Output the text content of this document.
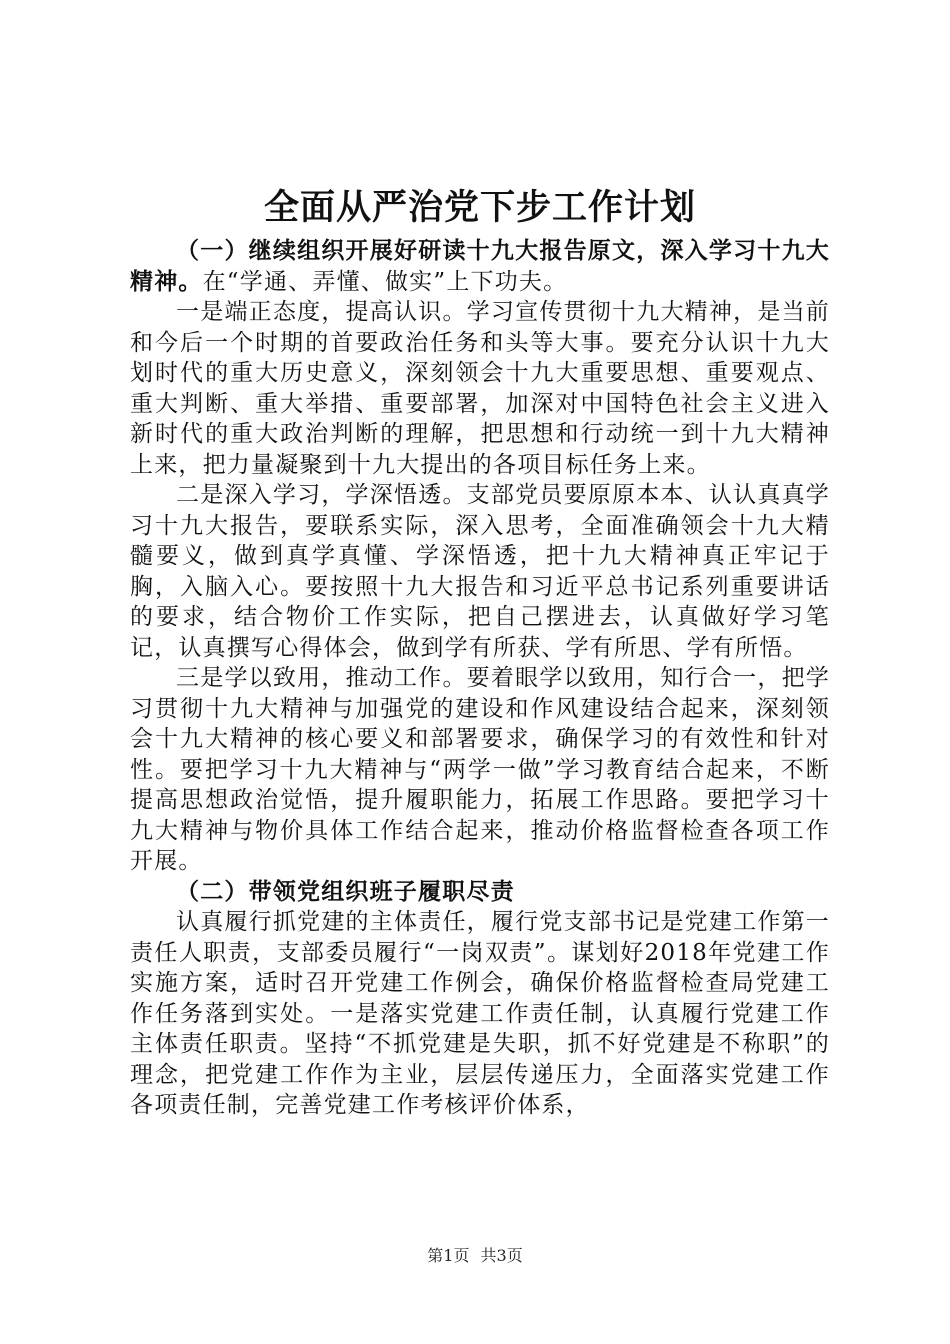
全面从严治党下步工作计划

（一）继续组织开展好研读十九大报告原文，深入学习十九大精神。在“学通、弄懂、做实”上下功夫。

一是端正态度，提高认识。学习宣传贯彻十九大精神，是当前和今后一个时期的首要政治任务和头等大事。要充分认识十九大划时代的重大历史意义，深刻领会十九大重要思想、重要观点、重大判断、重大举措、重要部署，加深对中国特色社会主义进入新时代的重大政治判断的理解，把思想和行动统一到十九大精神上来，把力量凝聚到十九大提出的各项目标任务上来。

二是深入学习，学深悟透。支部党员要原原本本、认认真真学习十九大报告，要联系实际，深入思考，全面准确领会十九大精髓要义，做到真学真懂、学深悟透，把十九大精神真正牢记于胸，入脑入心。要按照十九大报告和习近平总书记系列重要讲话的要求，结合物价工作实际，把自己摆进去，认真做好学习笔记，认真撰写心得体会，做到学有所获、学有所思、学有所悟。

三是学以致用，推动工作。要着眼学以致用，知行合一，把学习贯彻十九大精神与加强党的建设和作风建设结合起来，深刻领会十九大精神的核心要义和部署要求，确保学习的有效性和针对性。要把学习十九大精神与“两学一做”学习教育结合起来，不断提高思想政治觉悟，提升履职能力，拓展工作思路。要把学习十九大精神与物价具体工作结合起来，推动价格监督检查各项工作开展。

（二）带领党组织班子履职尽责

认真履行抓党建的主体责任，履行党支部书记是党建工作第一责任人职责，支部委员履行“一岗双责”。谋划好2018年党建工作实施方案，适时召开党建工作例会，确保价格监督检查局党建工作任务落到实处。一是落实党建工作责任制，认真履行党建工作主体责任职责。坚持“不抓党建是失职，抓不好党建是不称职”的理念，把党建工作作为主业，层层传递压力，全面落实党建工作各项责任制，完善党建工作考核评价体系，

第1页 共3页
